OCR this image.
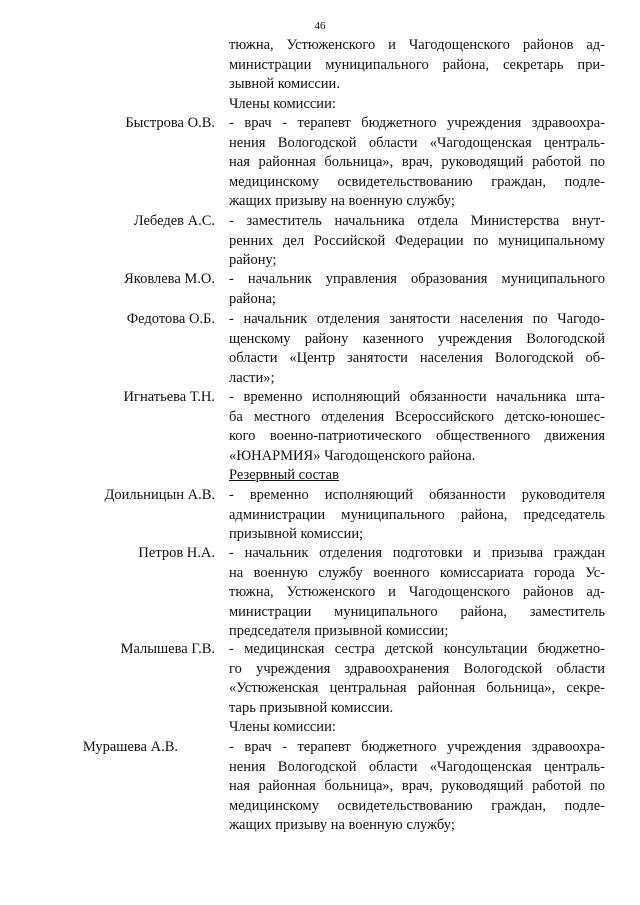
46
тюжна, Устюженского и Чагодощенского районов ад-
министрации муниципального района, секретарь при-
зывной комиссии.
Члены комиссии:
Быстрова О.В. - врач - терапевт бюджетного учреждения здравоохра-
нения Вологодской области «Чагодощенская централь-
ная районная больница», врач, руководящий работой по
медицинскому освидетельствованию граждан, подле-
жащих призыву на военную службу;
Лебедев А.С. - заместитель начальника отдела Министерства внут-
ренних дел Российской Федерации по муниципальному
району;
Яковлева М.О. - начальник управления образования муниципального
района;
Федотова О.Б. - начальник отделения занятости населения по Чагодо-
щенскому району казенного учреждения Вологодской
области «Центр занятости населения Вологодской об-
ласти»;
Игнатьева Т.Н. - временно исполняющий обязанности начальника шта-
ба местного отделения Всероссийского детско-юношес-
кого военно-патриотического общественного движения
«ЮНАРМИЯ» Чагодощенского района.
Резервный состав
Доильницын А.В. - временно исполняющий обязанности руководителя
администрации муниципального района, председатель
призывной комиссии;
Петров Н.А. - начальник отделения подготовки и призыва граждан
на военную службу военного комиссариата города Ус-
тюжна, Устюженского и Чагодощенского районов ад-
министрации муниципального района, заместитель
председателя призывной комиссии;
Малышева Г.В. - медицинская сестра детской консультации бюджетно-
го учреждения здравоохранения Вологодской области
«Устюженская центральная районная больница», секре-
тарь призывной комиссии.
Члены комиссии:
Мурашева А.В.	- врач - терапевт бюджетного учреждения здравоохра-
нения Вологодской области «Чагодощенская централь-
ная районная больница», врач, руководящий работой по
медицинскому освидетельствованию граждан, подле-
жащих призыву на военную службу;
